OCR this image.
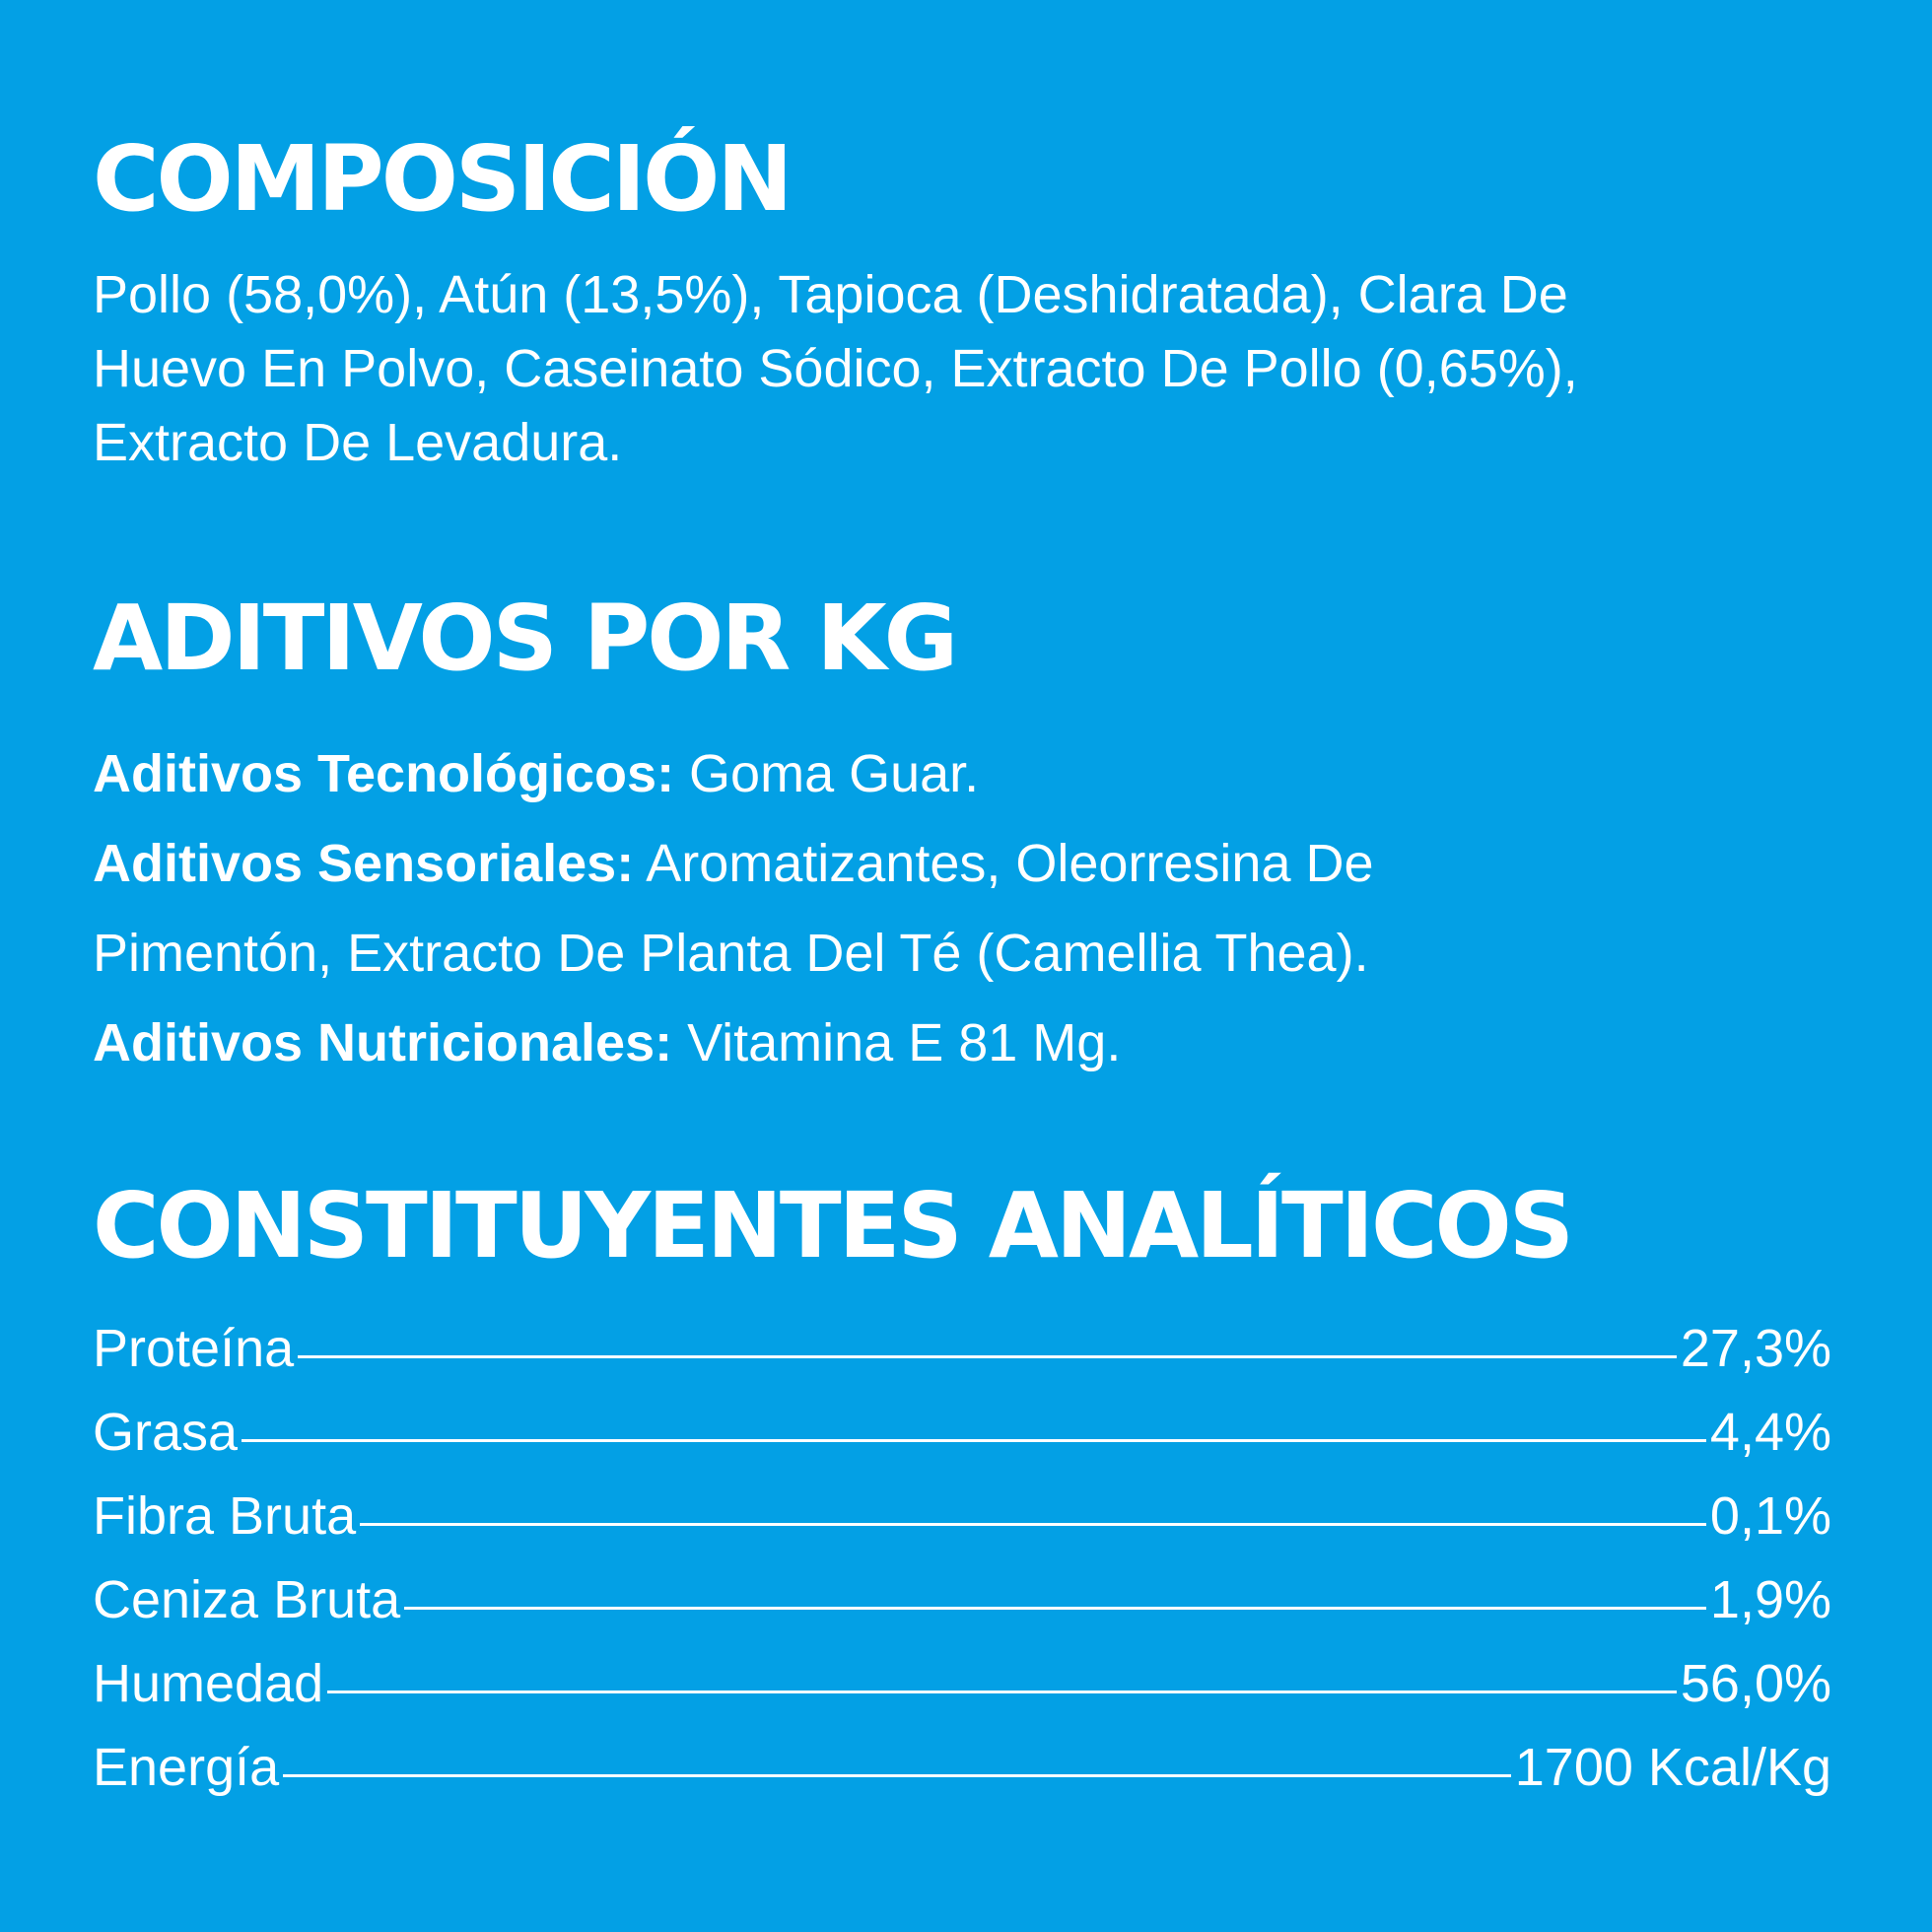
COMPOSICIÓN

Pollo (58,0%), Atún (13,5%), Tapioca (Deshidratada), Clara De
Huevo En Polvo, Caseinato Sódico, Extracto De Pollo (0,65%),
Extracto De Levadura.

ADITIVOS POR KG
Aditivos Tecnológicos: Goma Guar.
Aditivos Sensoriales: Aromatizantes, Oleorresina De
Pimentón, Extracto De Planta Del Té (Camellia Thea).
Aditivos Nutricionales: Vitamina E 81 Mg.
CONSTITUYENTES ANALÍTICOS
Proteína	27,3%
Grasa	4,4%
Fibra Bruta	0,1%
Ceniza Bruta	1,9%
Humedad	56,0%
Energía	1700 Kcal/Kg
